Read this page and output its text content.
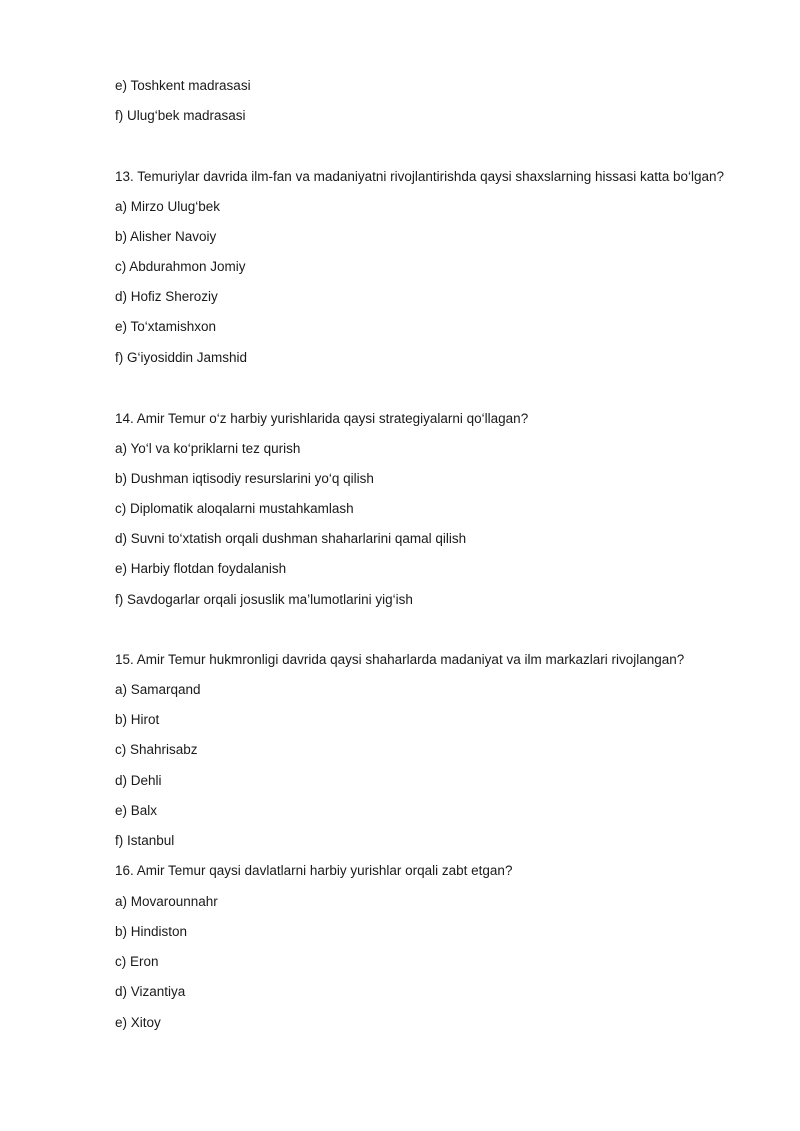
e) Toshkent madrasasi
f) Ulug‘bek madrasasi
13. Temuriylar davrida ilm-fan va madaniyatni rivojlantirishda qaysi shaxslarning hissasi katta bo‘lgan?
a) Mirzo Ulug‘bek
b) Alisher Navoiy
c) Abdurahmon Jomiy
d) Hofiz Sheroziy
e) To‘xtamishxon
f) G‘iyosiddin Jamshid
14. Amir Temur o‘z harbiy yurishlarida qaysi strategiyalarni qo‘llagan?
a) Yo‘l va ko‘priklarni tez qurish
b) Dushman iqtisodiy resurslarini yo‘q qilish
c) Diplomatik aloqalarni mustahkamlash
d) Suvni to‘xtatish orqali dushman shaharlarini qamal qilish
e) Harbiy flotdan foydalanish
f) Savdogarlar orqali josuslik ma’lumotlarini yig‘ish
15. Amir Temur hukmronligi davrida qaysi shaharlarda madaniyat va ilm markazlari rivojlangan?
a) Samarqand
b) Hirot
c) Shahrisabz
d) Dehli
e) Balx
f) Istanbul
16. Amir Temur qaysi davlatlarni harbiy yurishlar orqali zabt etgan?
a) Movarounnahr
b) Hindiston
c) Eron
d) Vizantiya
e) Xitoy
